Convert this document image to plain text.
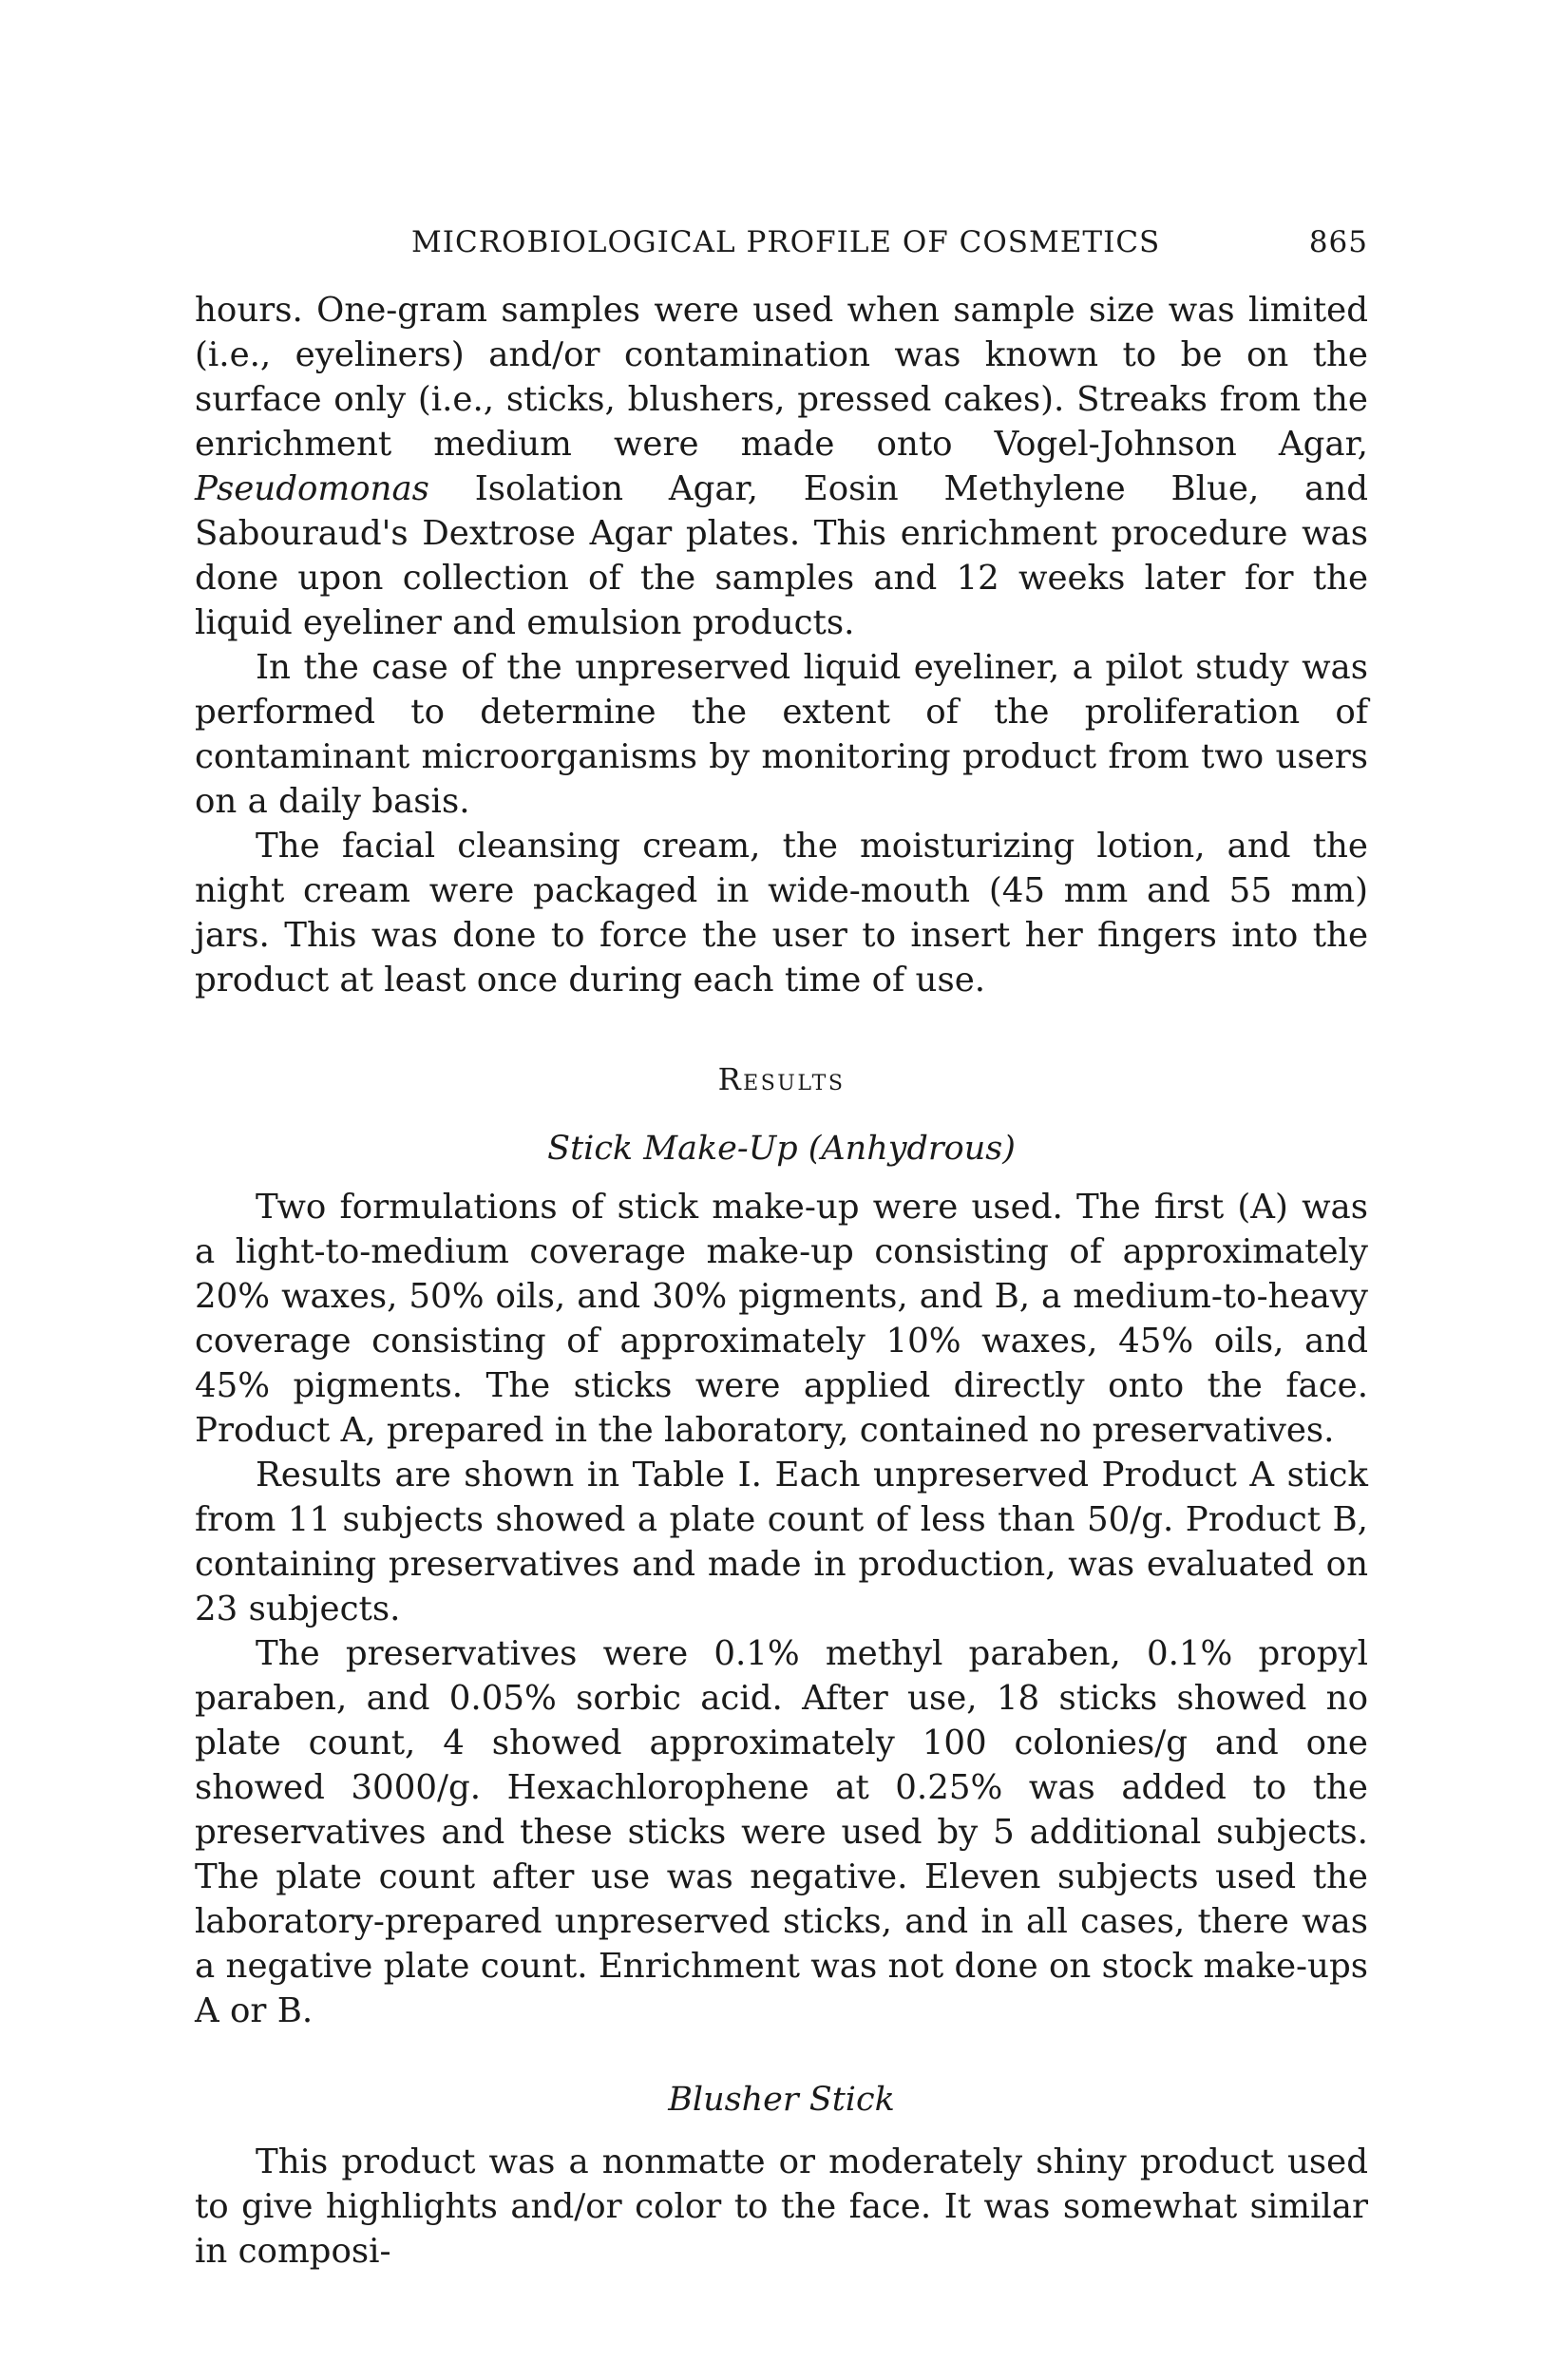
MICROBIOLOGICAL PROFILE OF COSMETICS	865

hours. One-gram samples were used when sample size was limited (i.e., eyeliners) and/or contamination was known to be on the surface only (i.e., sticks, blushers, pressed cakes). Streaks from the enrichment medium were made onto Vogel-Johnson Agar, Pseudomonas Isolation Agar, Eosin Methylene Blue, and Sabouraud's Dextrose Agar plates. This enrichment procedure was done upon collection of the samples and 12 weeks later for the liquid eyeliner and emulsion products.

In the case of the unpreserved liquid eyeliner, a pilot study was performed to determine the extent of the proliferation of contaminant microorganisms by monitoring product from two users on a daily basis.

The facial cleansing cream, the moisturizing lotion, and the night cream were packaged in wide-mouth (45 mm and 55 mm) jars. This was done to force the user to insert her fingers into the product at least once during each time of use.

Results
Stick Make-Up (Anhydrous)

Two formulations of stick make-up were used. The first (A) was a light-to-medium coverage make-up consisting of approximately 20% waxes, 50% oils, and 30% pigments, and B, a medium-to-heavy coverage consisting of approximately 10% waxes, 45% oils, and 45% pigments. The sticks were applied directly onto the face. Product A, prepared in the laboratory, contained no preservatives.

Results are shown in Table I. Each unpreserved Product A stick from 11 subjects showed a plate count of less than 50/g. Product B, containing preservatives and made in production, was evaluated on 23 subjects.

The preservatives were 0.1% methyl paraben, 0.1% propyl paraben, and 0.05% sorbic acid. After use, 18 sticks showed no plate count, 4 showed approximately 100 colonies/g and one showed 3000/g. Hexachlorophene at 0.25% was added to the preservatives and these sticks were used by 5 additional subjects. The plate count after use was negative. Eleven subjects used the laboratory-prepared unpreserved sticks, and in all cases, there was a negative plate count. Enrichment was not done on stock make-ups A or B.

Blusher Stick

This product was a nonmatte or moderately shiny product used to give highlights and/or color to the face. It was somewhat similar in composi-
